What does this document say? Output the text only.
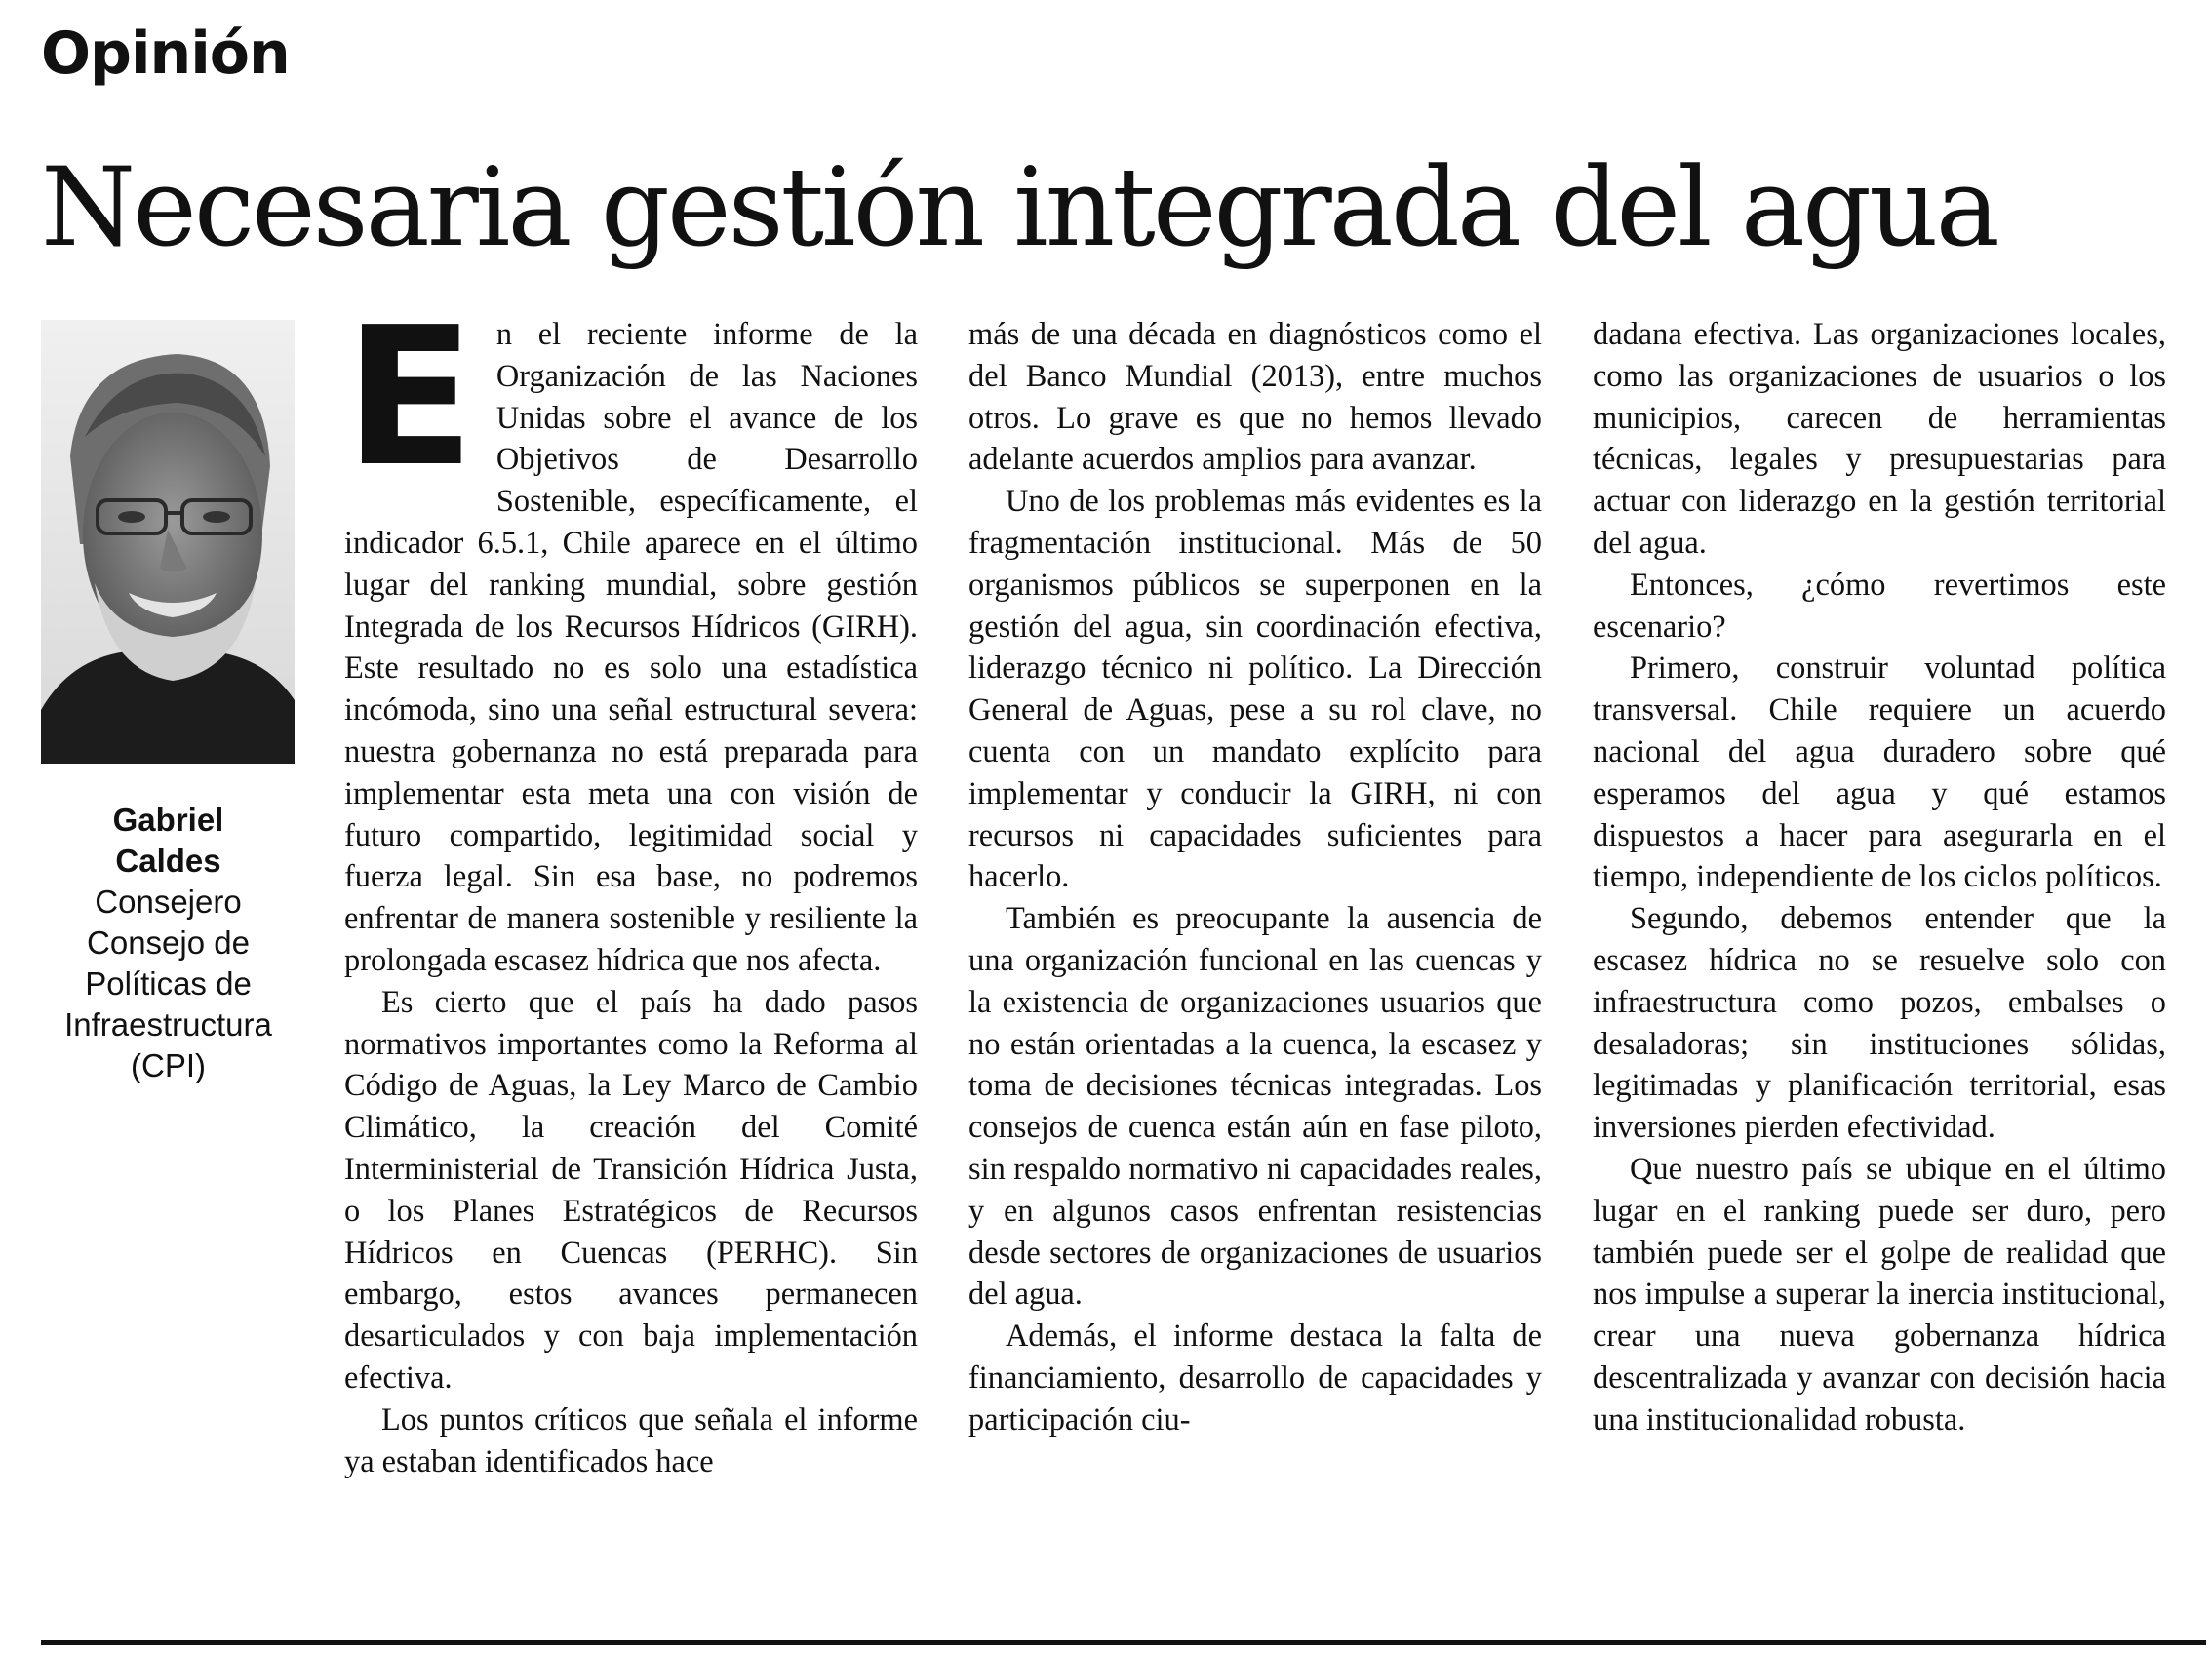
Opinión
Necesaria gestión integrada del agua
Gabriel
Caldes
Consejero Consejo de Políticas de Infraestructura (CPI)

En el reciente informe de la Organización de las Naciones Unidas sobre el avance de los Objetivos de Desarrollo Sostenible, específicamente, el indicador 6.5.1, Chile aparece en el último lugar del ranking mundial, sobre gestión Integrada de los Recursos Hídricos (GIRH). Este resultado no es solo una estadística incómoda, sino una señal estructural severa: nuestra gobernanza no está preparada para implementar esta meta una con visión de futuro compartido, legitimidad social y fuerza legal. Sin esa base, no podremos enfrentar de manera sostenible y resiliente la prolongada escasez hídrica que nos afecta.

Es cierto que el país ha dado pasos normativos importantes como la Reforma al Código de Aguas, la Ley Marco de Cambio Climático, la creación del Comité Interministerial de Transición Hídrica Justa, o los Planes Estratégicos de Recursos Hídricos en Cuencas (PERHC). Sin embargo, estos avances permanecen desarticulados y con baja implementación efectiva.

Los puntos críticos que señala el informe ya estaban identificados hace

más de una década en diagnósticos como el del Banco Mundial (2013), entre muchos otros. Lo grave es que no hemos llevado adelante acuerdos amplios para avanzar.

Uno de los problemas más evidentes es la fragmentación institucional. Más de 50 organismos públicos se superponen en la gestión del agua, sin coordinación efectiva, liderazgo técnico ni político. La Dirección General de Aguas, pese a su rol clave, no cuenta con un mandato explícito para implementar y conducir la GIRH, ni con recursos ni capacidades suficientes para hacerlo.

También es preocupante la ausencia de una organización funcional en las cuencas y la existencia de organizaciones usuarios que no están orientadas a la cuenca, la escasez y toma de decisiones técnicas integradas. Los consejos de cuenca están aún en fase piloto, sin respaldo normativo ni capacidades reales, y en algunos casos enfrentan resistencias desde sectores de organizaciones de usuarios del agua.

Además, el informe destaca la falta de financiamiento, desarrollo de capacidades y participación ciu-

dadana efectiva. Las organizaciones locales, como las organizaciones de usuarios o los municipios, carecen de herramientas técnicas, legales y presupuestarias para actuar con liderazgo en la gestión territorial del agua.

Entonces, ¿cómo revertimos este escenario?

Primero, construir voluntad política transversal. Chile requiere un acuerdo nacional del agua duradero sobre qué esperamos del agua y qué estamos dispuestos a hacer para asegurarla en el tiempo, independiente de los ciclos políticos.

Segundo, debemos entender que la escasez hídrica no se resuelve solo con infraestructura como pozos, embalses o desaladoras; sin instituciones sólidas, legitimadas y planificación territorial, esas inversiones pierden efectividad.

Que nuestro país se ubique en el último lugar en el ranking puede ser duro, pero también puede ser el golpe de realidad que nos impulse a superar la inercia institucional, crear una nueva gobernanza hídrica descentralizada y avanzar con decisión hacia una institucionalidad robusta.
